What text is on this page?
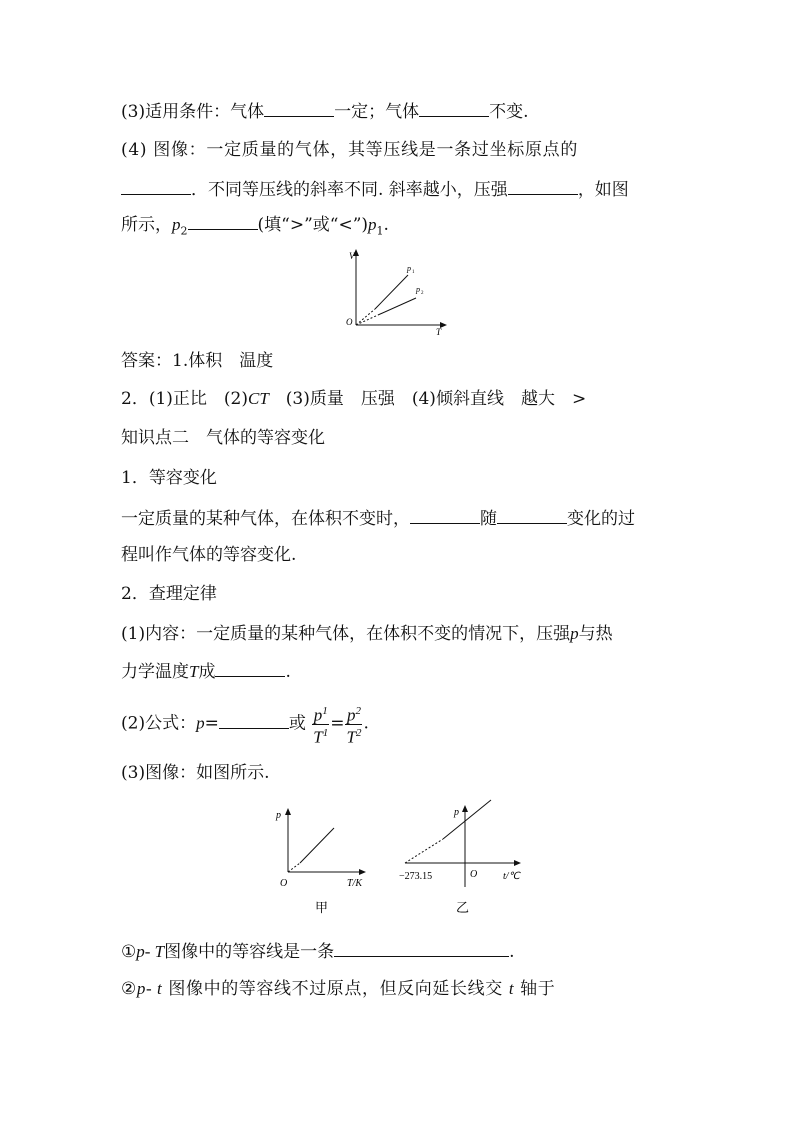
(3)适用条件：气体	一定；气体	不变.
(4) 图像：一定质量的气体，其等压线是一条过坐标原点的
．不同等压线的斜率不同. 斜率越小，压强	，如图
所示，$p_2$	(填“>”或“$<”)p_1$.
V
O
T
p 1
p 2
答案：1.体积　温度
2．(1)正比　(2)CT　(3)质量　压强　(4)倾斜直线　越大　>
知识点二　气体的等容变化
1．等容变化
一定质量的某种气体，在体积不变时，	随	变化的过
程叫作气体的等容变化.
2．查理定律
(1)内容：一定质量的某种气体，在体积不变的情况下，压强p与热
力学温度T成	.
(2)公式：p=	或 $\frac{p^1}{T^1} = \frac{p^2}{T^2}$ .
(3)图像：如图所示.
p
O	T/K
甲
p
O	t/℃
−273.15
乙
①p- T图像中的等容线是一条	.
②p- t 图像中的等容线不过原点，但反向延长线交 t 轴于
